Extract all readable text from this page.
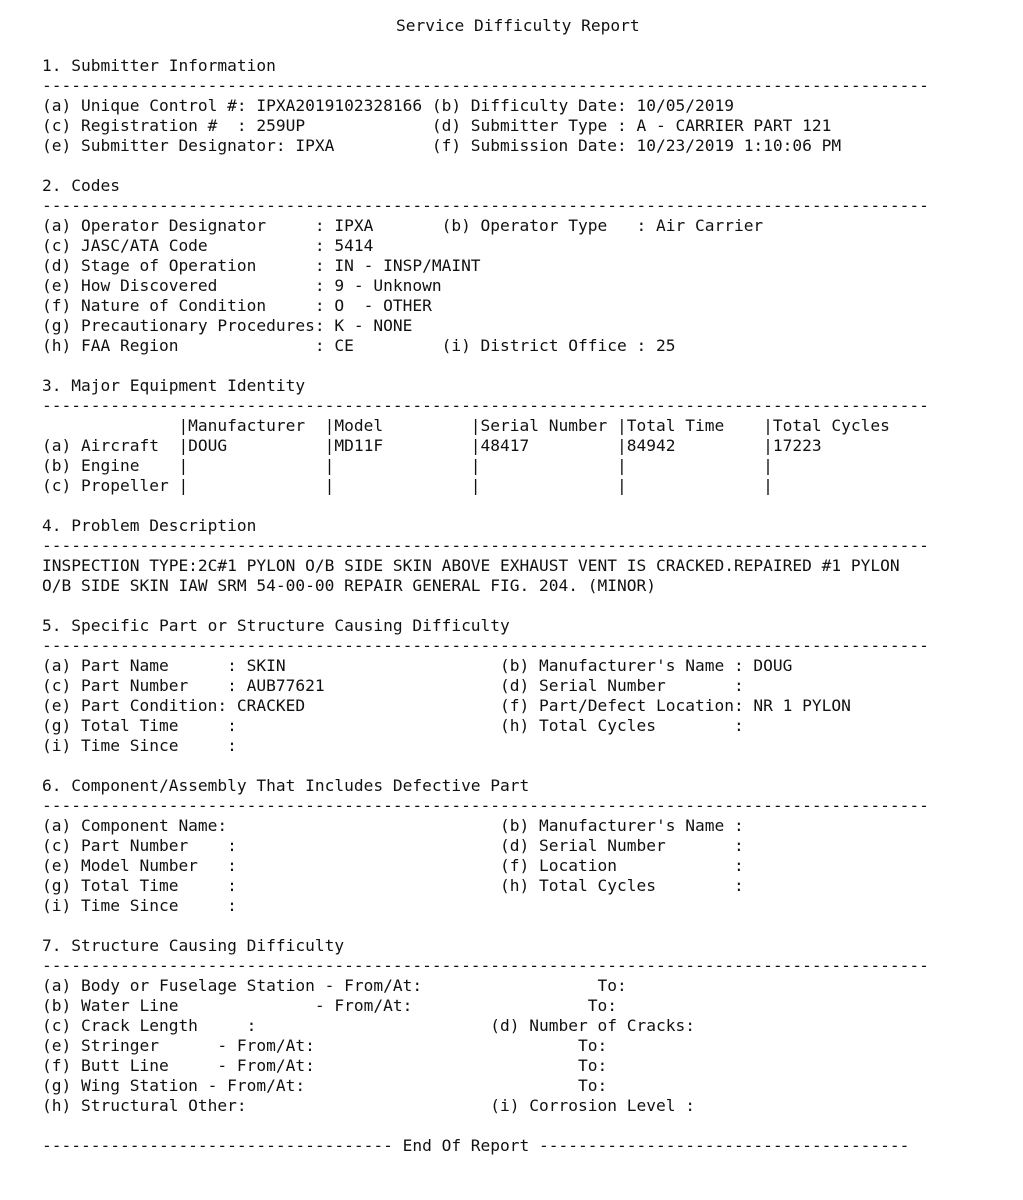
Service Difficulty Report
1. Submitter Information
-------------------------------------------------------------------------------------------
(a) Unique Control #: IPXA2019102328166 (b) Difficulty Date: 10/05/2019
(c) Registration #  : 259UP             (d) Submitter Type : A - CARRIER PART 121
(e) Submitter Designator: IPXA          (f) Submission Date: 10/23/2019 1:10:06 PM
2. Codes
-------------------------------------------------------------------------------------------
(a) Operator Designator     : IPXA       (b) Operator Type   : Air Carrier
(c) JASC/ATA Code           : 5414
(d) Stage of Operation      : IN - INSP/MAINT
(e) How Discovered          : 9 - Unknown
(f) Nature of Condition     : O  - OTHER
(g) Precautionary Procedures: K - NONE
(h) FAA Region              : CE         (i) District Office : 25
3. Major Equipment Identity
-------------------------------------------------------------------------------------------
|Manufacturer  |Model         |Serial Number |Total Time    |Total Cycles
(a) Aircraft  |DOUG          |MD11F         |48417         |84942         |17223
(b) Engine    |              |              |              |              |
(c) Propeller |              |              |              |              |
4. Problem Description
-------------------------------------------------------------------------------------------
INSPECTION TYPE:2C#1 PYLON O/B SIDE SKIN ABOVE EXHAUST VENT IS CRACKED.REPAIRED #1 PYLON
O/B SIDE SKIN IAW SRM 54-00-00 REPAIR GENERAL FIG. 204. (MINOR)
5. Specific Part or Structure Causing Difficulty
-------------------------------------------------------------------------------------------
(a) Part Name      : SKIN                      (b) Manufacturer's Name : DOUG
(c) Part Number    : AUB77621                  (d) Serial Number       :
(e) Part Condition: CRACKED                    (f) Part/Defect Location: NR 1 PYLON
(g) Total Time     :                           (h) Total Cycles        :
(i) Time Since     :
6. Component/Assembly That Includes Defective Part
-------------------------------------------------------------------------------------------
(a) Component Name:                            (b) Manufacturer's Name :
(c) Part Number    :                           (d) Serial Number       :
(e) Model Number   :                           (f) Location            :
(g) Total Time     :                           (h) Total Cycles        :
(i) Time Since     :
7. Structure Causing Difficulty
-------------------------------------------------------------------------------------------
(a) Body or Fuselage Station - From/At:                  To:
(b) Water Line              - From/At:                  To:
(c) Crack Length     :                        (d) Number of Cracks:
(e) Stringer      - From/At:                           To:
(f) Butt Line     - From/At:                           To:
(g) Wing Station - From/At:                            To:
(h) Structural Other:                         (i) Corrosion Level :
------------------------------------ End Of Report --------------------------------------
